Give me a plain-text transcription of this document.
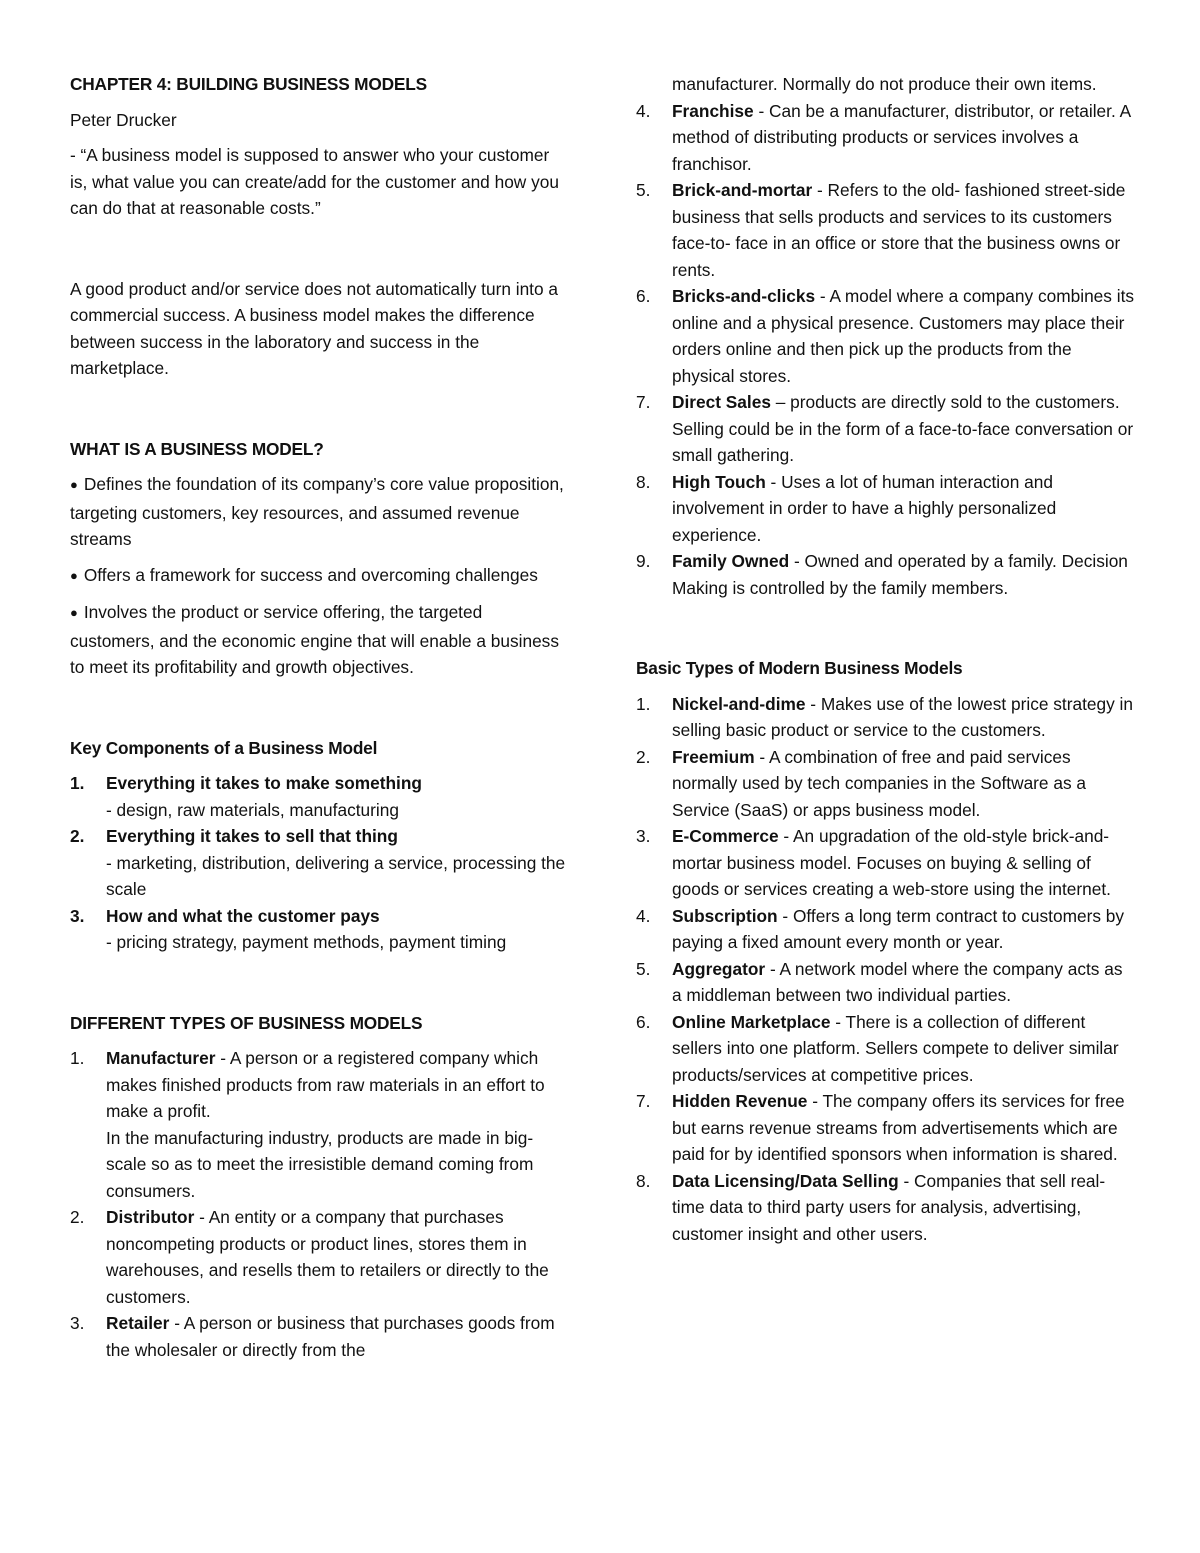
CHAPTER 4: BUILDING BUSINESS MODELS

Peter Drucker

- “A business model is supposed to answer who your customer is, what value you can create/add for the customer and how you can do that at reasonable costs.”

A good product and/or service does not automatically turn into a commercial success. A business model makes the difference between success in the laboratory and success in the marketplace.

WHAT IS A BUSINESS MODEL?

● Defines the foundation of its company’s core value proposition, targeting customers, key resources, and assumed revenue streams

● Offers a framework for success and overcoming challenges

● Involves the product or service offering, the targeted customers, and the economic engine that will enable a business to meet its profitability and growth objectives.

Key Components of a Business Model

1. Everything it takes to make something
- design, raw materials, manufacturing
2. Everything it takes to sell that thing
- marketing, distribution, delivering a service, processing the scale
3. How and what the customer pays
- pricing strategy, payment methods, payment timing

DIFFERENT TYPES OF BUSINESS MODELS

1. Manufacturer - A person or a registered company which makes finished products from raw materials in an effort to make a profit.
In the manufacturing industry, products are made in big-scale so as to meet the irresistible demand coming from consumers.
2. Distributor - An entity or a company that purchases noncompeting products or product lines, stores them in warehouses, and resells them to retailers or directly to the customers.
3. Retailer - A person or business that purchases goods from the wholesaler or directly from the
manufacturer. Normally do not produce their own items.
4. Franchise - Can be a manufacturer, distributor, or retailer. A method of distributing products or services involves a franchisor.
5. Brick-and-mortar - Refers to the old- fashioned street-side business that sells products and services to its customers face-to- face in an office or store that the business owns or rents.
6. Bricks-and-clicks - A model where a company combines its online and a physical presence. Customers may place their orders online and then pick up the products from the physical stores.
7. Direct Sales – products are directly sold to the customers. Selling could be in the form of a face-to-face conversation or small gathering.
8. High Touch - Uses a lot of human interaction and involvement in order to have a highly personalized experience.
9. Family Owned - Owned and operated by a family. Decision Making is controlled by the family members.

Basic Types of Modern Business Models

1. Nickel-and-dime - Makes use of the lowest price strategy in selling basic product or service to the customers.
2. Freemium - A combination of free and paid services normally used by tech companies in the Software as a Service (SaaS) or apps business model.
3. E-Commerce - An upgradation of the old-style brick-and- mortar business model. Focuses on buying & selling of goods or services creating a web-store using the internet.
4. Subscription - Offers a long term contract to customers by paying a fixed amount every month or year.
5. Aggregator - A network model where the company acts as a middleman between two individual parties.
6. Online Marketplace - There is a collection of different sellers into one platform. Sellers compete to deliver similar products/services at competitive prices.
7. Hidden Revenue - The company offers its services for free but earns revenue streams from advertisements which are paid for by identified sponsors when information is shared.
8. Data Licensing/Data Selling - Companies that sell real-time data to third party users for analysis, advertising, customer insight and other users.
